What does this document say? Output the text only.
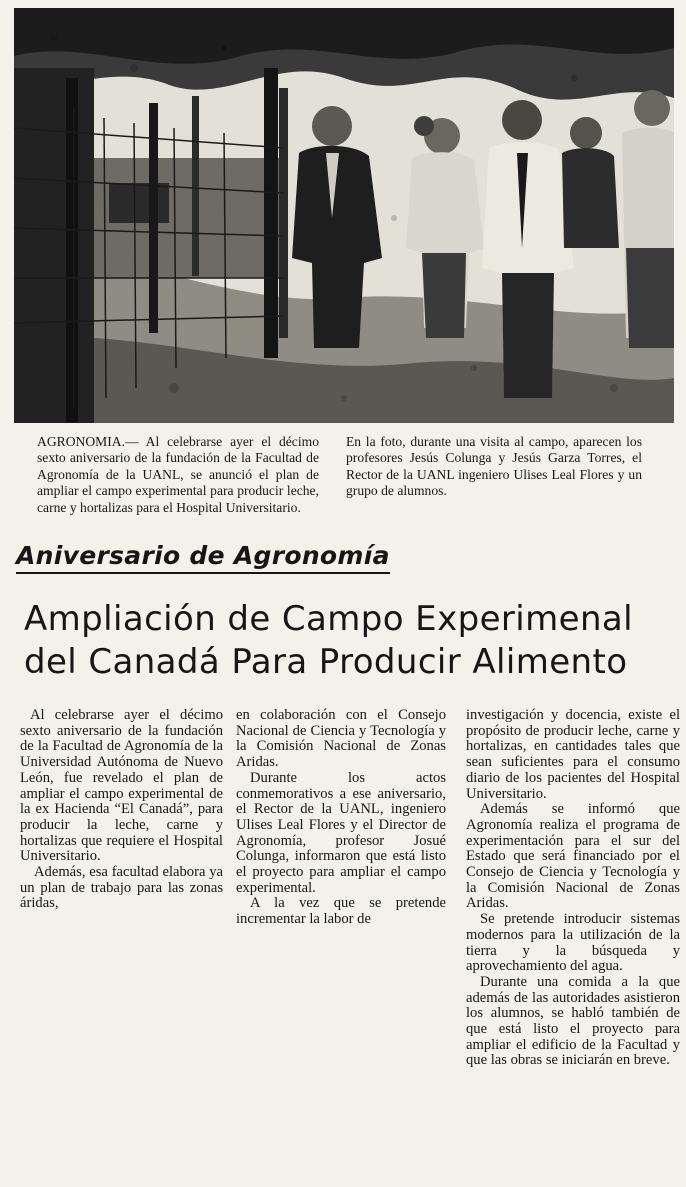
AGRONOMIA.— Al celebrarse ayer el décimo sexto aniversario de la fundación de la Facultad de Agronomía de la UANL, se anunció el plan de ampliar el campo experimental para producir leche, carne y hortalizas para el Hospital Universitario.

En la foto, durante una visita al campo, aparecen los profesores Jesús Colunga y Jesús Garza Torres, el Rector de la UANL ingeniero Ulises Leal Flores y un grupo de alumnos.

Aniversario de Agronomía
Ampliación de Campo Experimenal
del Canadá Para Producir Alimento

Al celebrarse ayer el décimo sexto aniversario de la fundación de la Facultad de Agronomía de la Universidad Autónoma de Nuevo León, fue revelado el plan de ampliar el campo experimental de la ex Hacienda “El Canadá”, para producir la leche, carne y hortalizas que requiere el Hospital Universitario.

Además, esa facultad elabora ya un plan de trabajo para las zonas áridas,

en colaboración con el Consejo Nacional de Ciencia y Tecnología y la Comisión Nacional de Zonas Aridas.

Durante los actos conmemorativos a ese aniversario, el Rector de la UANL, ingeniero Ulises Leal Flores y el Director de Agronomía, profesor Josué Colunga, informaron que está listo el proyecto para ampliar el campo experimental.

A la vez que se pretende incrementar la labor de

investigación y docencia, existe el propósito de producir leche, carne y hortalizas, en cantidades tales que sean suficientes para el consumo diario de los pacientes del Hospital Universitario.

Además se informó que Agronomía realiza el programa de experimentación para el sur del Estado que será financiado por el Consejo de Ciencia y Tecnología y la Comisión Nacional de Zonas Aridas.

Se pretende introducir sistemas modernos para la utilización de la tierra y la búsqueda y aprovechamiento del agua.

Durante una comida a la que además de las autoridades asistieron los alumnos, se habló también de que está listo el proyecto para ampliar el edificio de la Facultad y que las obras se iniciarán en breve.
